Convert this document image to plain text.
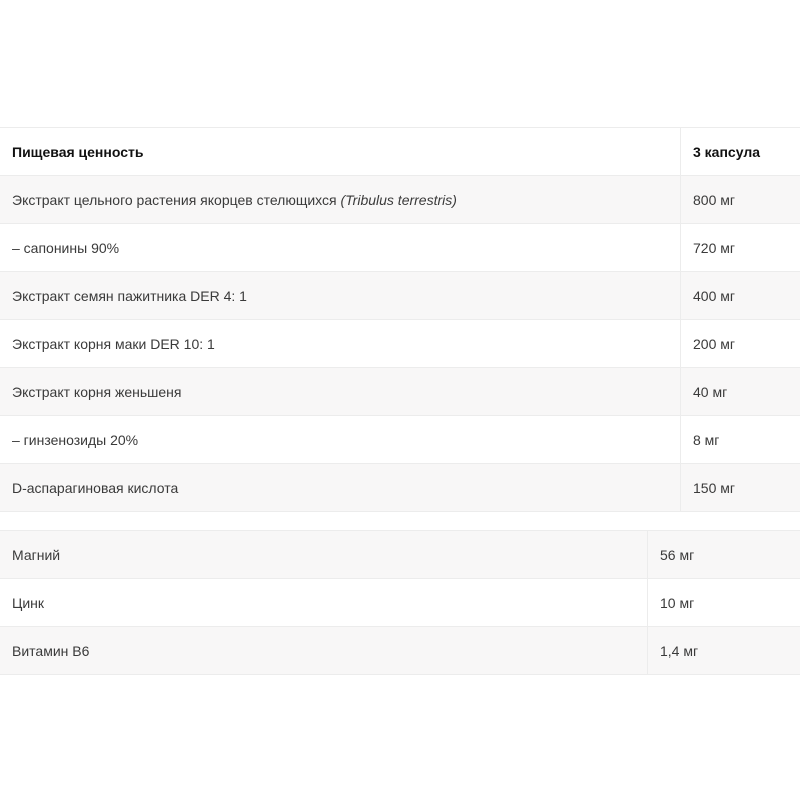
Пищевая ценность	3 капсула
Экстракт цельного растения якорцев стелющихся (Tribulus terrestris)	800 мг
– сапонины 90%	720 мг
Экстракт семян пажитника DER 4: 1	400 мг
Экстракт корня маки DER 10: 1	200 мг
Экстракт корня женьшеня	40 мг
– гинзенозиды 20%	8 мг
D-аспарагиновая кислота	150 мг
Магний	56 мг
Цинк	10 мг
Витамин B6	1,4 мг
